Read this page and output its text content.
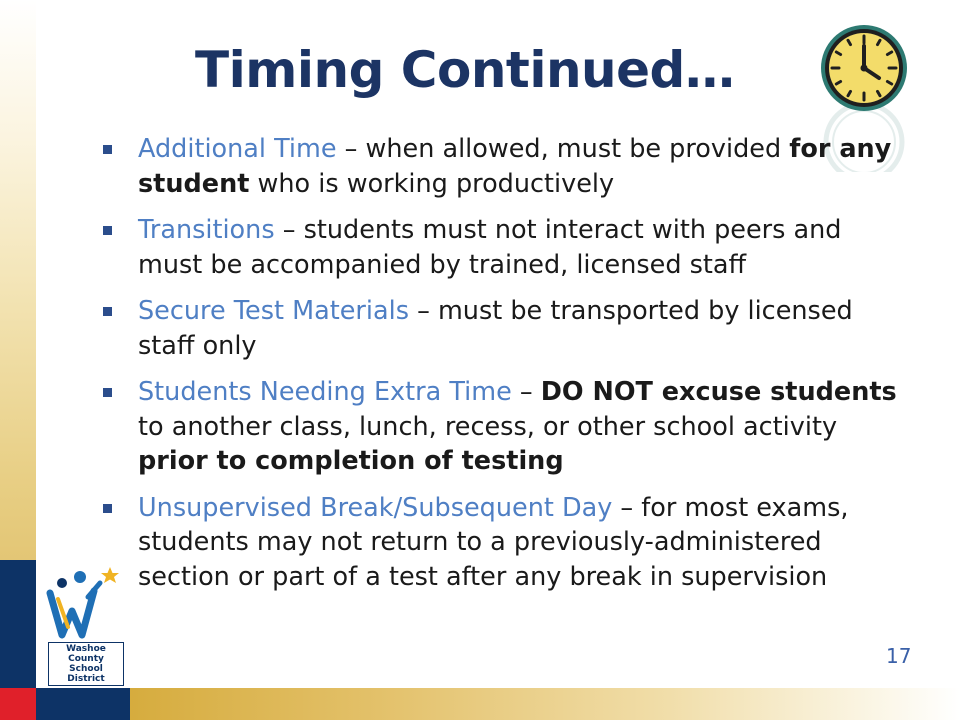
Timing Continued…
Additional Time – when allowed, must be provided for any student who is working productively
Transitions – students must not interact with peers and must be accompanied by trained, licensed staff
Secure Test Materials – must be transported by licensed staff only
Students Needing Extra Time – DO NOT excuse students to another class, lunch, recess, or other school activity prior to completion of testing
Unsupervised Break/Subsequent Day – for most exams, students may not return to a previously-administered section or part of a test after any break in supervision
Washoe County
School District
17
